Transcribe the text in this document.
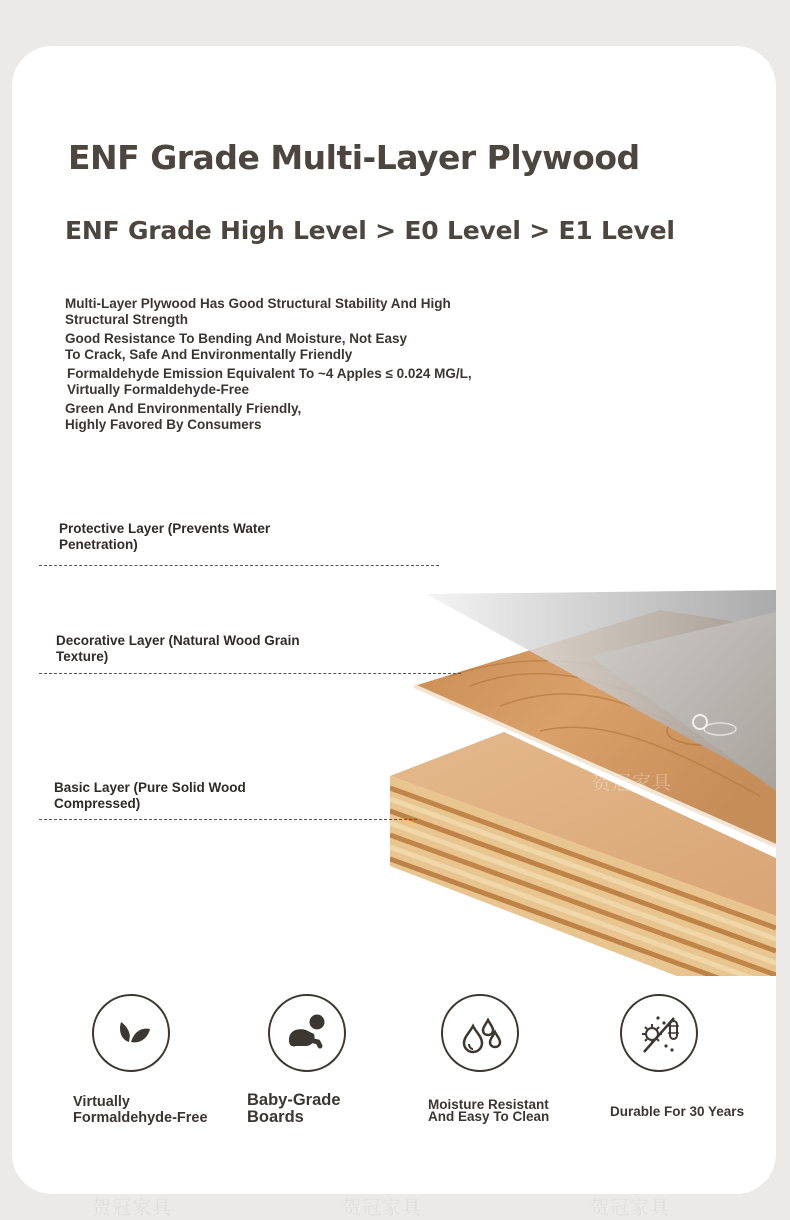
ENF Grade Multi-Layer Plywood
ENF Grade High Level > E0 Level > E1 Level

Multi-Layer Plywood Has Good Structural Stability And High Structural Strength

Good Resistance To Bending And Moisture, Not Easy To Crack, Safe And Environmentally Friendly

Formaldehyde Emission Equivalent To ~4 Apples ≤ 0.024 MG/L, Virtually Formaldehyde-Free

Green And Environmentally Friendly, Highly Favored By Consumers

贺冠家具
贺冠家具
Protective Layer (Prevents Water Penetration)
Decorative Layer (Natural Wood Grain Texture)
Basic Layer (Pure Solid Wood Compressed)
Virtually Formaldehyde-Free
Baby-Grade Boards
Moisture Resistant And Easy To Clean	Durable For 30 Years
贺冠家具	贺冠家具	贺冠家具
